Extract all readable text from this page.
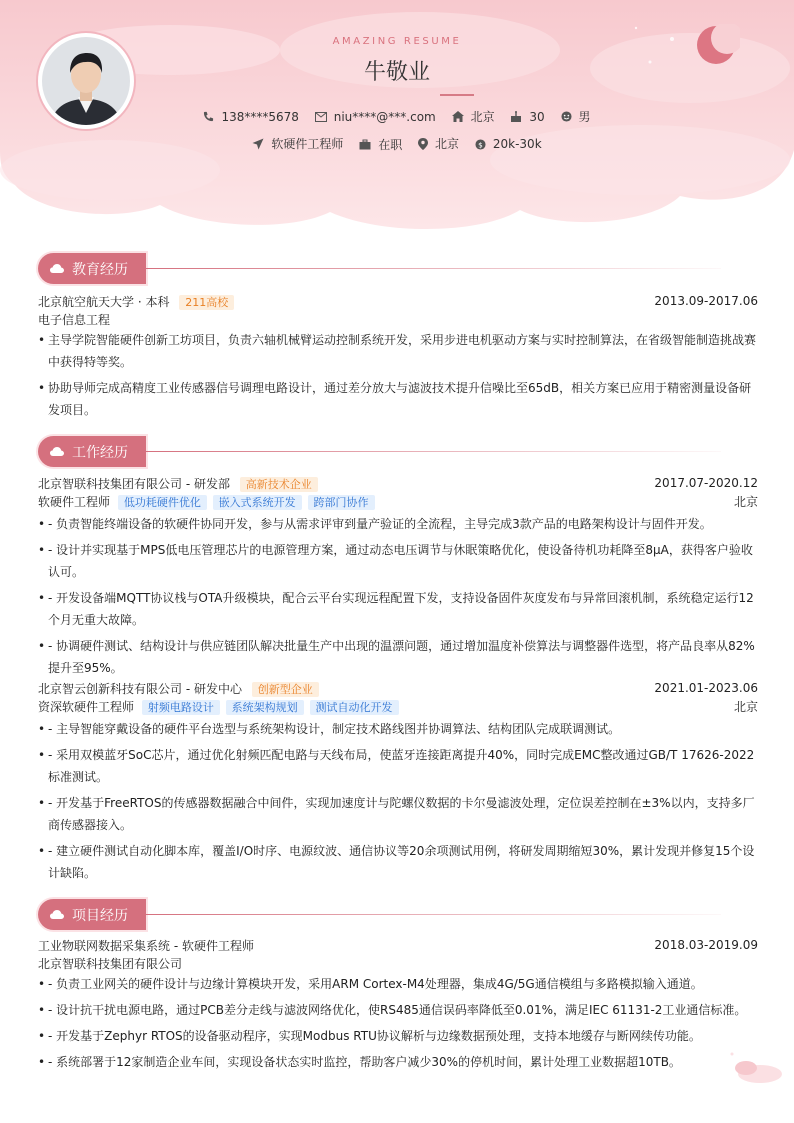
AMAZING RESUME
牛敬业
138****5678
	niu****@***.com
	北京
	30
	男
软硬件工程师
	在职
	北京
$ 20k-30k
教育经历
北京航空航天大学 · 本科 211高校	2013.09-2017.06
电子信息工程
• 主导学院智能硬件创新工坊项目，负责六轴机械臂运动控制系统开发，采用步进电机驱动方案与实时控制算法，在省级智能制造挑战赛中获得特等奖。
• 协助导师完成高精度工业传感器信号调理电路设计，通过差分放大与滤波技术提升信噪比至65dB，相关方案已应用于精密测量设备研发项目。
工作经历
北京智联科技集团有限公司 - 研发部 高新技术企业	2017.07-2020.12
软硬件工程师 低功耗硬件优化 嵌入式系统开发 跨部门协作	北京
• - 负责智能终端设备的软硬件协同开发，参与从需求评审到量产验证的全流程，主导完成3款产品的电路架构设计与固件开发。
• - 设计并实现基于MPS低电压管理芯片的电源管理方案，通过动态电压调节与休眠策略优化，使设备待机功耗降至8μA，获得客户验收认可。
• - 开发设备端MQTT协议栈与OTA升级模块，配合云平台实现远程配置下发，支持设备固件灰度发布与异常回滚机制，系统稳定运行12个月无重大故障。
• - 协调硬件测试、结构设计与供应链团队解决批量生产中出现的温漂问题，通过增加温度补偿算法与调整器件选型，将产品良率从82%提升至95%。
北京智云创新科技有限公司 - 研发中心 创新型企业	2021.01-2023.06
资深软硬件工程师 射频电路设计 系统架构规划 测试自动化开发	北京
• - 主导智能穿戴设备的硬件平台选型与系统架构设计，制定技术路线图并协调算法、结构团队完成联调测试。
• - 采用双模蓝牙SoC芯片，通过优化射频匹配电路与天线布局，使蓝牙连接距离提升40%，同时完成EMC整改通过GB/T 17626-2022标准测试。
• - 开发基于FreeRTOS的传感器数据融合中间件，实现加速度计与陀螺仪数据的卡尔曼滤波处理，定位误差控制在±3%以内，支持多厂商传感器接入。
• - 建立硬件测试自动化脚本库，覆盖I/O时序、电源纹波、通信协议等20余项测试用例，将研发周期缩短30%，累计发现并修复15个设计缺陷。
项目经历
工业物联网数据采集系统 - 软硬件工程师	2018.03-2019.09
北京智联科技集团有限公司
• - 负责工业网关的硬件设计与边缘计算模块开发，采用ARM Cortex-M4处理器，集成4G/5G通信模组与多路模拟输入通道。
• - 设计抗干扰电源电路，通过PCB差分走线与滤波网络优化，使RS485通信误码率降低至0.01%，满足IEC 61131-2工业通信标准。
• - 开发基于Zephyr RTOS的设备驱动程序，实现Modbus RTU协议解析与边缘数据预处理，支持本地缓存与断网续传功能。
• - 系统部署于12家制造企业车间，实现设备状态实时监控，帮助客户减少30%的停机时间，累计处理工业数据超10TB。
